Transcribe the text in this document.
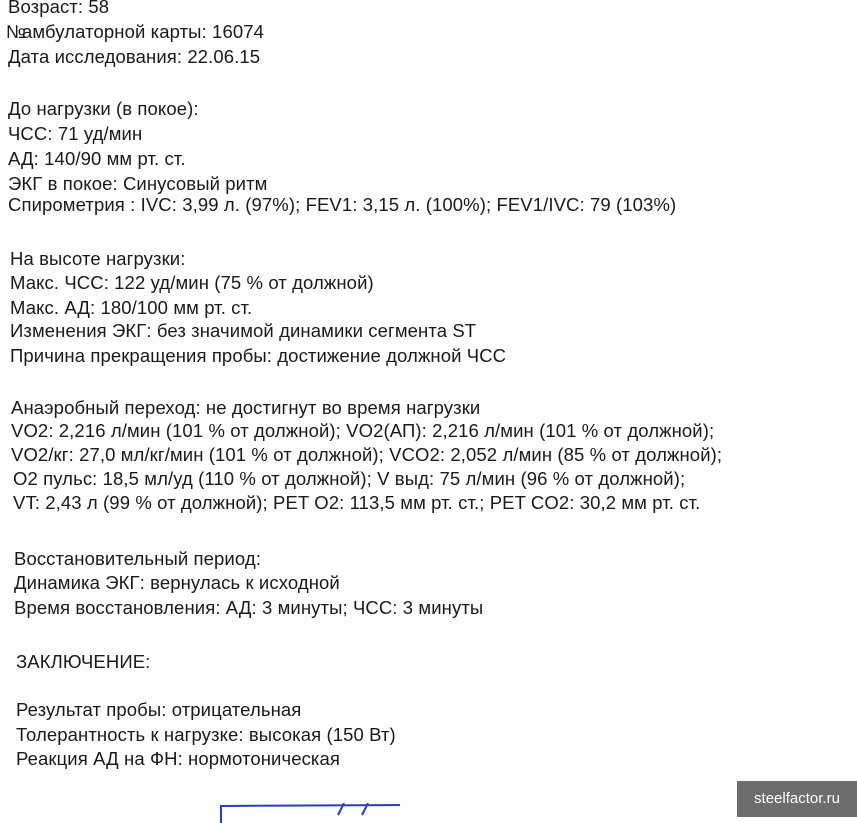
Возраст: 58
№
амбулаторной карты: 16074
Дата исследования: 22.06.15
До нагрузки (в покое):
ЧСС: 71 уд/мин
АД: 140/90 мм рт. ст.
ЭКГ в покое: Синусовый ритм
Спирометрия : IVC: 3,99 л. (97%); FEV1: 3,15 л. (100%); FEV1/IVC: 79 (103%)
На высоте нагрузки:
Макс. ЧСС: 122 уд/мин (75 % от должной)
Макс. АД: 180/100 мм рт. ст.
Изменения ЭКГ: без значимой динамики сегмента ST
Причина прекращения пробы: достижение должной ЧСС
Анаэробный переход: не достигнут во время нагрузки
VO2: 2,216 л/мин (101 % от должной); VO2(АП): 2,216 л/мин (101 % от должной);
VO2/кг: 27,0 мл/кг/мин (101 % от должной); VCO2: 2,052 л/мин (85 % от должной);
O2 пульс: 18,5 мл/уд (110 % от должной); V выд: 75 л/мин (96 % от должной);
VT: 2,43 л (99 % от должной); PET O2: 113,5 мм рт. ст.; PET CO2: 30,2 мм рт. ст.
Восстановительный период:
Динамика ЭКГ: вернулась к исходной
Время восстановления: АД: 3 минуты; ЧСС: 3 минуты
ЗАКЛЮЧЕНИЕ:
Результат пробы: отрицательная
Толерантность к нагрузке: высокая (150 Вт)
Реакция АД на ФН: нормотоническая
steelfactor.ru
